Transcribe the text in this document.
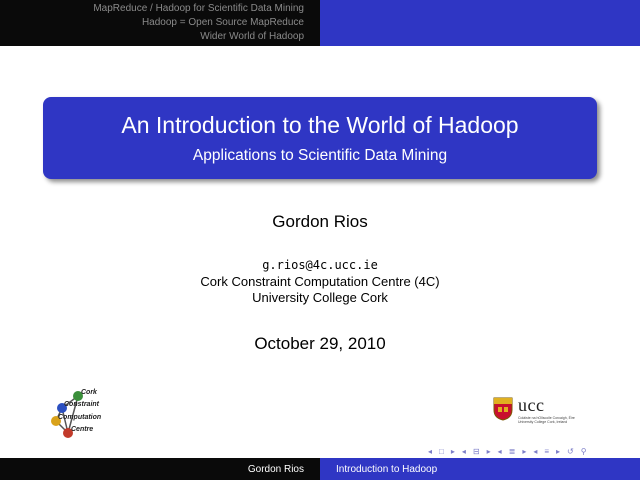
MapReduce / Hadoop for Scientific Data Mining
Hadoop = Open Source MapReduce
Wider World of Hadoop
An Introduction to the World of Hadoop
Applications to Scientific Data Mining
Gordon Rios
g.rios@4c.ucc.ie
Cork Constraint Computation Centre (4C)
University College Cork
October 29, 2010
Cork
Constraint
Computation
Centre
ucc
Coláiste na hOllscoile Corcaigh, Éire University College Cork, Ireland
◂ □ ▸ ◂ ⊟ ▸ ◂ ≣ ▸ ◂ ≡ ▸ ↺ ⚲
Gordon Rios	Introduction to Hadoop
